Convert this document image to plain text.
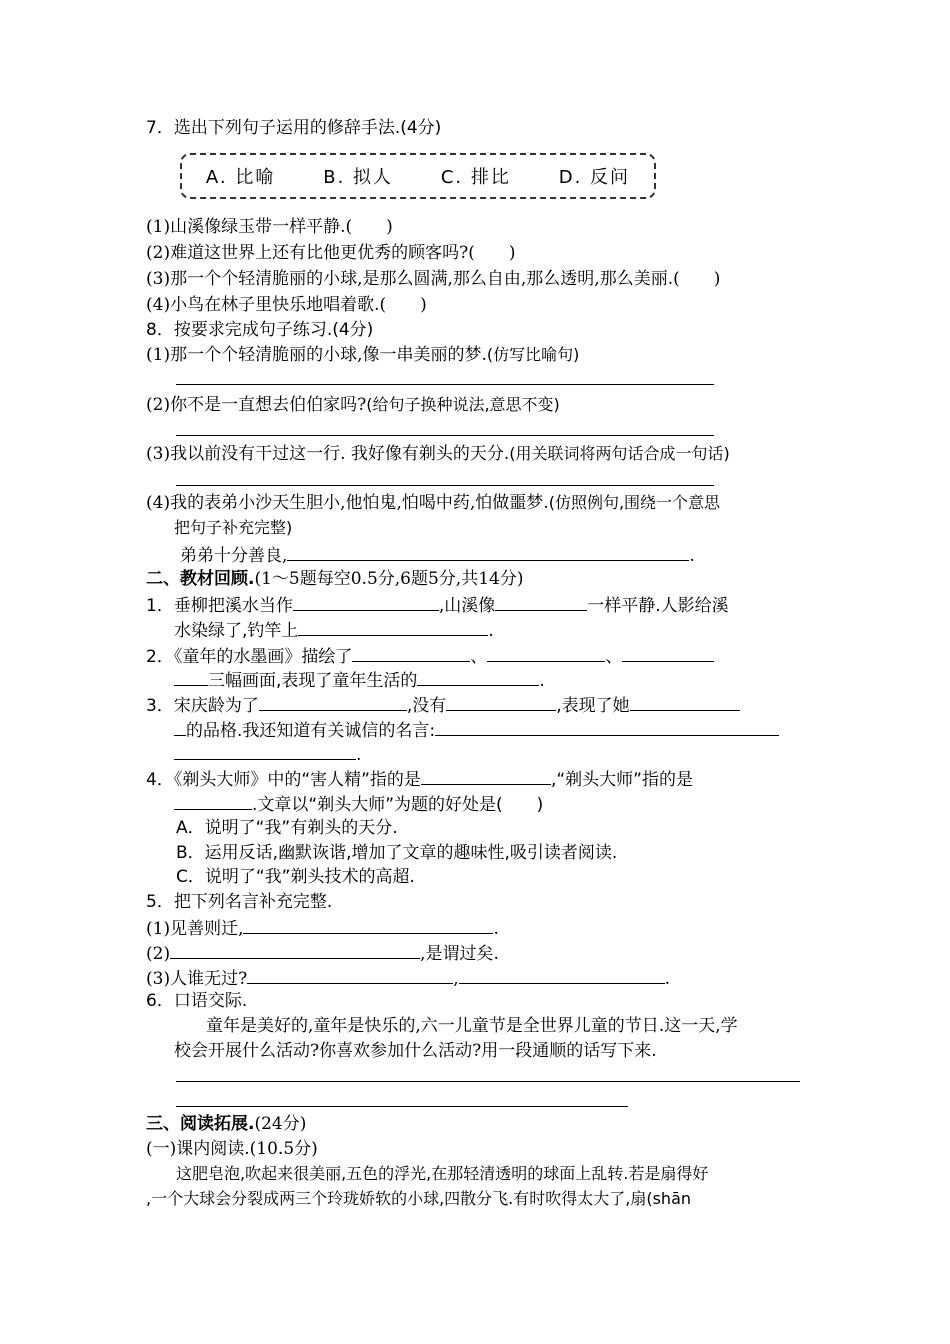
7．选出下列句子运用的修辞手法.(4分)
A. 比喻	B. 拟人	C. 排比	D. 反问
(1)山溪像绿玉带一样平静.(　　)
(2)难道这世界上还有比他更优秀的顾客吗?(　　)
(3)那一个个轻清脆丽的小球,是那么圆满,那么自由,那么透明,那么美丽.(　　)
(4)小鸟在林子里快乐地唱着歌.(　　)
8．按要求完成句子练习.(4分)
(1)那一个个轻清脆丽的小球,像一串美丽的梦.(仿写比喻句)
(2)你不是一直想去伯伯家吗?(给句子换种说法,意思不变)
(3)我以前没有干过这一行. 我好像有剃头的天分.(用关联词将两句话合成一句话)
(4)我的表弟小沙天生胆小,他怕鬼,怕喝中药,怕做噩梦.(仿照例句,围绕一个意思
把句子补充完整)
弟弟十分善良,	.
二、教材回顾.(1～5题每空0.5分,6题5分,共14分)
1．垂柳把溪水当作	,山溪像	一样平静.人影给溪
水染绿了,钓竿上	.
2．《童年的水墨画》描绘了	、	、
三幅画面,表现了童年生活的	.
3．宋庆龄为了	,没有	,表现了她
的品格.我还知道有关诚信的名言:
.
4．《剃头大师》中的“害人精”指的是	,“剃头大师”指的是
.文章以“剃头大师”为题的好处是(　　)
A．说明了“我”有剃头的天分.
B．运用反话,幽默诙谐,增加了文章的趣味性,吸引读者阅读.
C．说明了“我”剃头技术的高超.
5．把下列名言补充完整.
(1)见善则迁,	.
(2)	,是谓过矣.
(3)人谁无过?	,	.
6．口语交际.
童年是美好的,童年是快乐的,六一儿童节是全世界儿童的节日.这一天,学
校会开展什么活动?你喜欢参加什么活动?用一段通顺的话写下来.
三、阅读拓展.(24分)
(一)课内阅读.(10.5分)
这肥皂泡,吹起来很美丽,五色的浮光,在那轻清透明的球面上乱转.若是扇得好
,一个大球会分裂成两三个玲珑娇软的小球,四散分飞.有时吹得太大了,扇(shān
